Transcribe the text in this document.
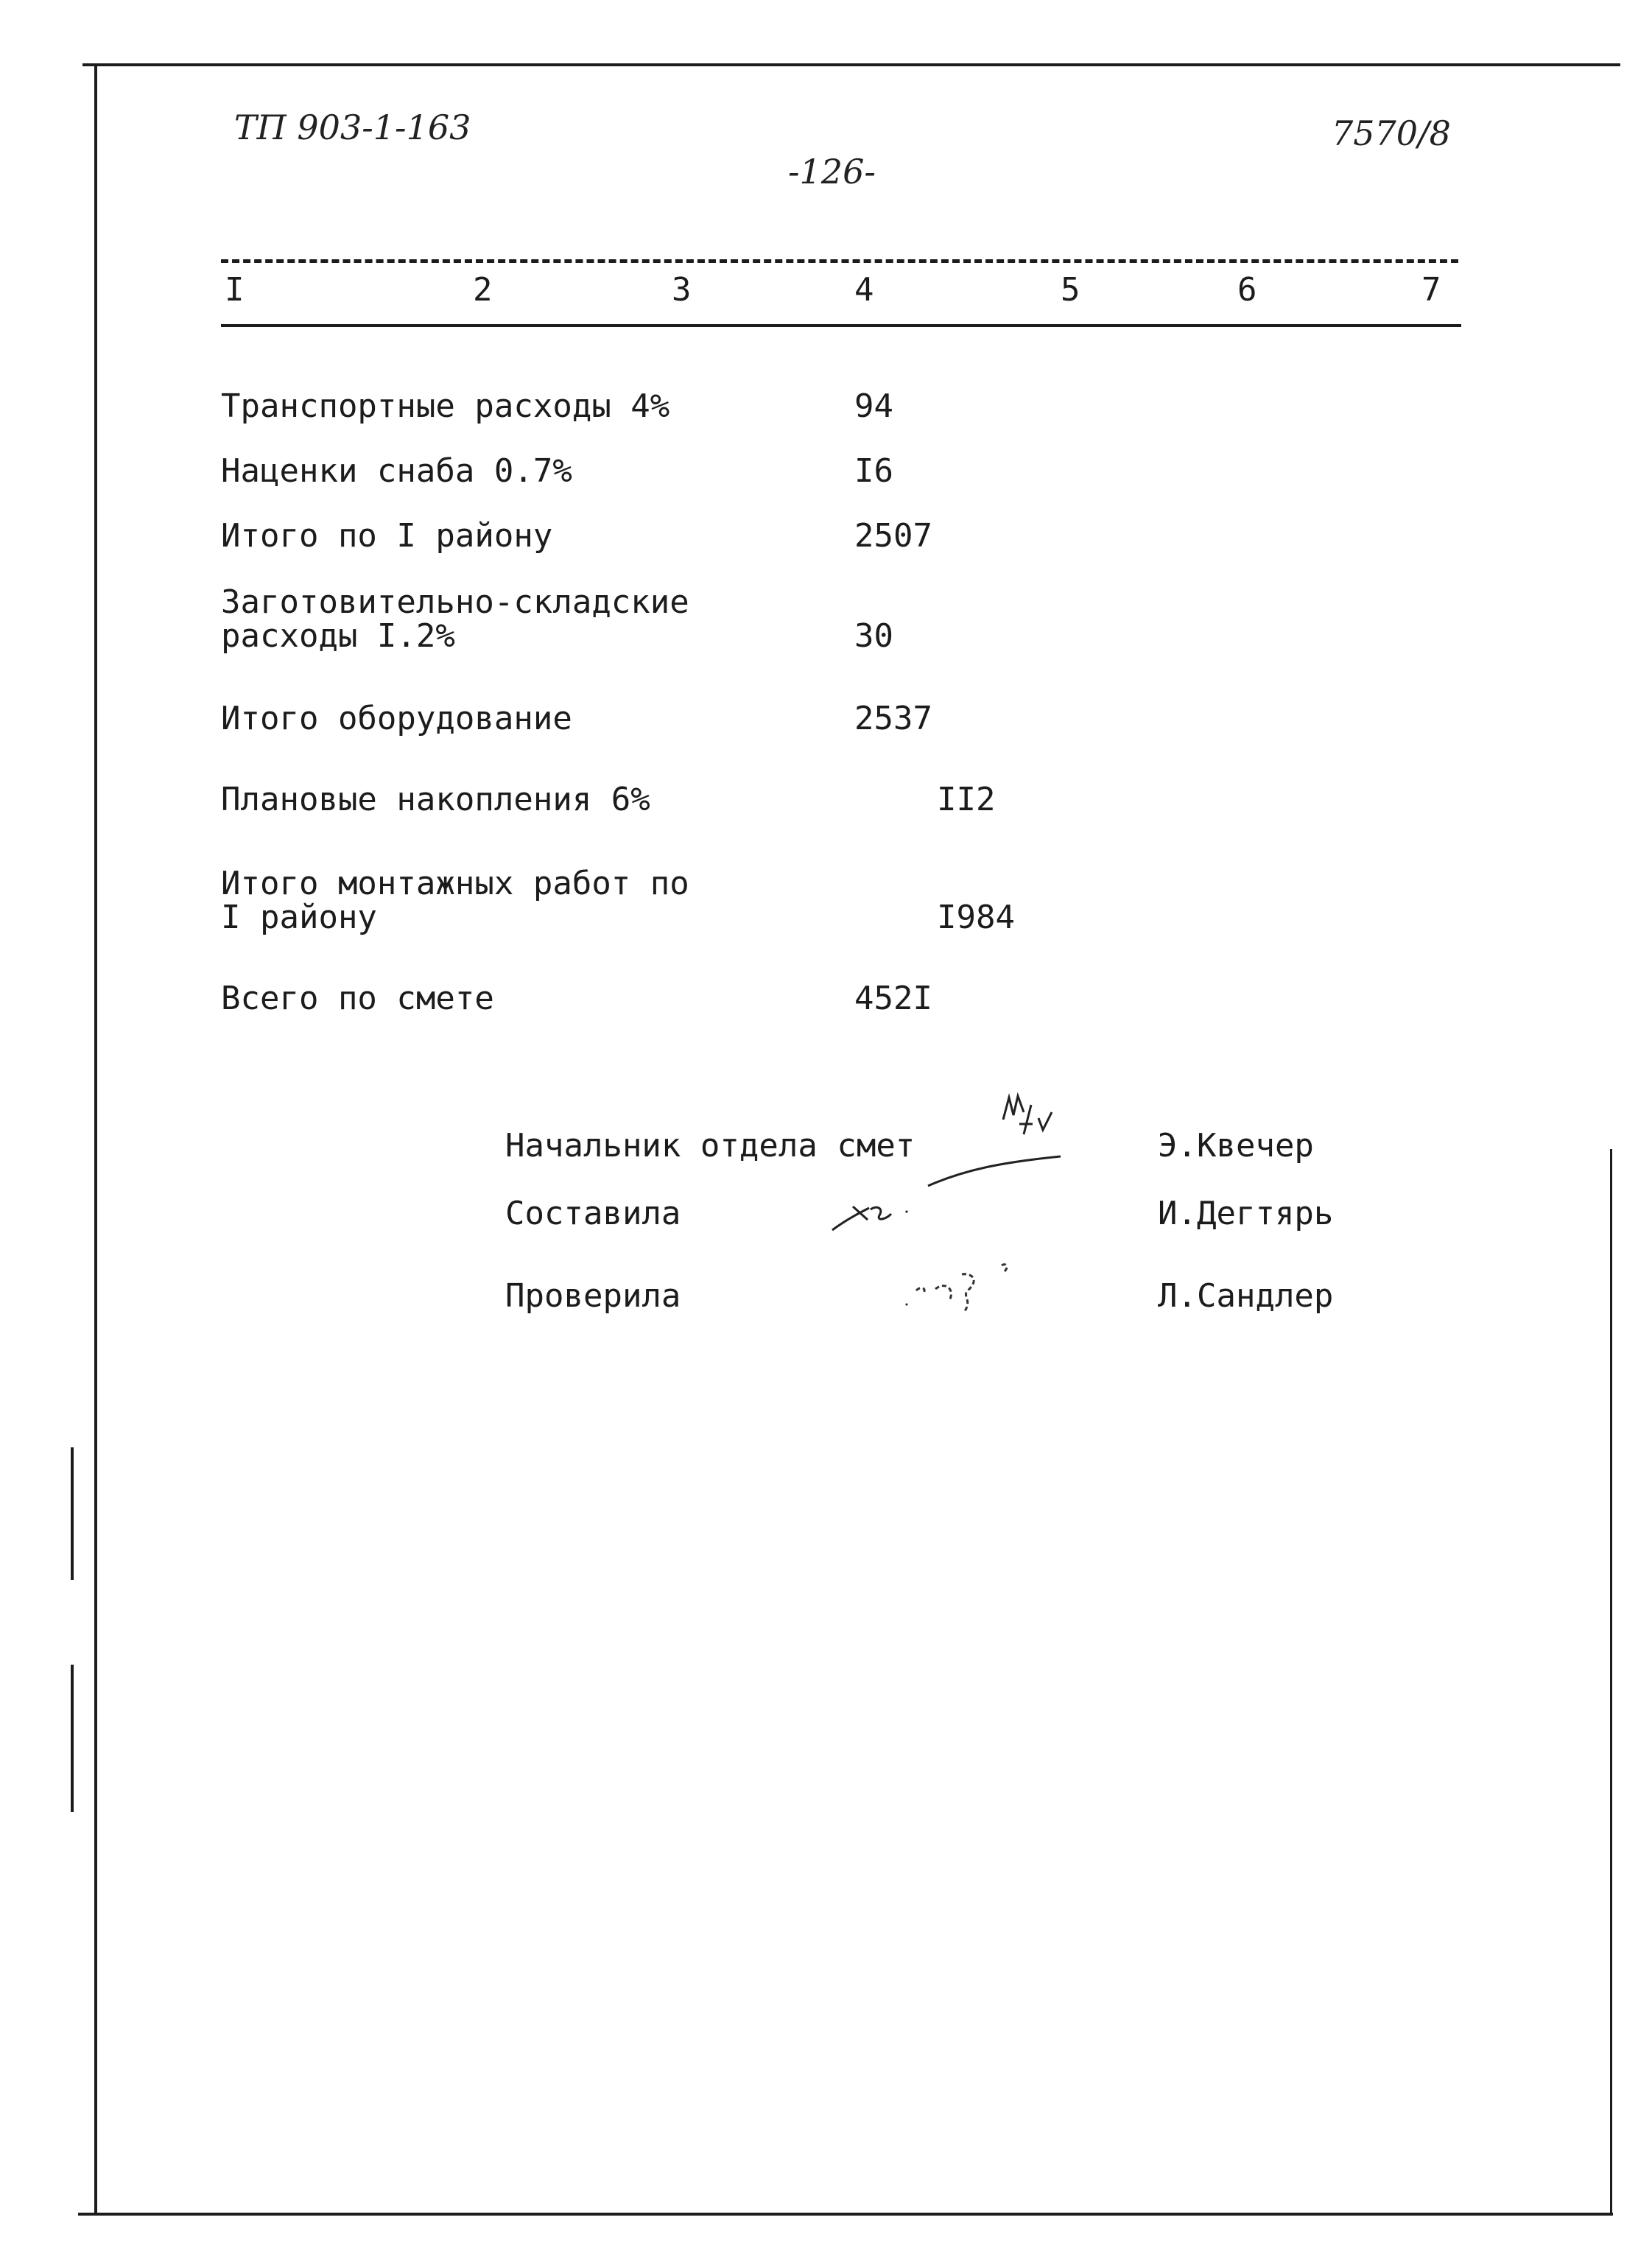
ТП 903-1-163
-126-
7570/8
I	2	3	4	5	6	7
Транспортные расходы 4%	94
Наценки снаба 0.7%	I6
Итого по I району	2507
Заготовительно-складские
расходы I.2%	30
Итого оборудование	2537
Плановые накопления 6%	II2
Итого монтажных работ по
I району	I984
Всего по смете	452I
Начальник отдела смет	Э.Квечер
Составила	И.Дегтярь
Проверила	Л.Сандлер
